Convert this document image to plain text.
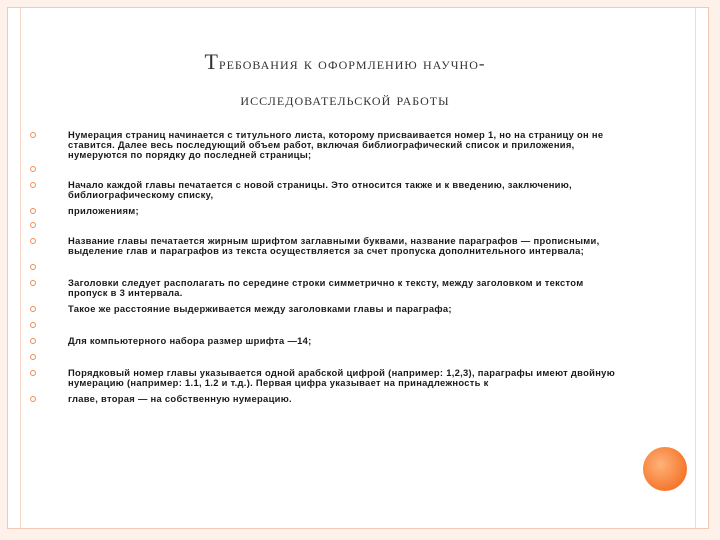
Требования к оформлению научно-
исследовательской работы
Нумерация страниц начинается с титульного листа, которому присваивается номер 1, но на страницу он не ставится. Далее весь последующий объем работ, включая библиографический список и приложения, нумеруются по порядку до последней страницы;
Начало каждой главы печатается с новой страницы. Это относится также и к введению, заключению, библиографическому списку,
приложениям;
Название главы печатается жирным шрифтом заглавными буквами, название параграфов — прописными, выделение глав и параграфов из текста осуществляется за счет пропуска дополнительного интервала;
Заголовки следует располагать по середине строки симметрично к тексту, между заголовком и текстом пропуск в 3 интервала.
Такое же расстояние выдерживается между заголовками главы и параграфа;
Для компьютерного набора размер шрифта —14;
Порядковый номер главы указывается одной арабской цифрой (например: 1,2,3), параграфы имеют двойную нумерацию (например: 1.1, 1.2 и т.д.). Первая цифра указывает на принадлежность к
главе, вторая — на собственную нумерацию.
